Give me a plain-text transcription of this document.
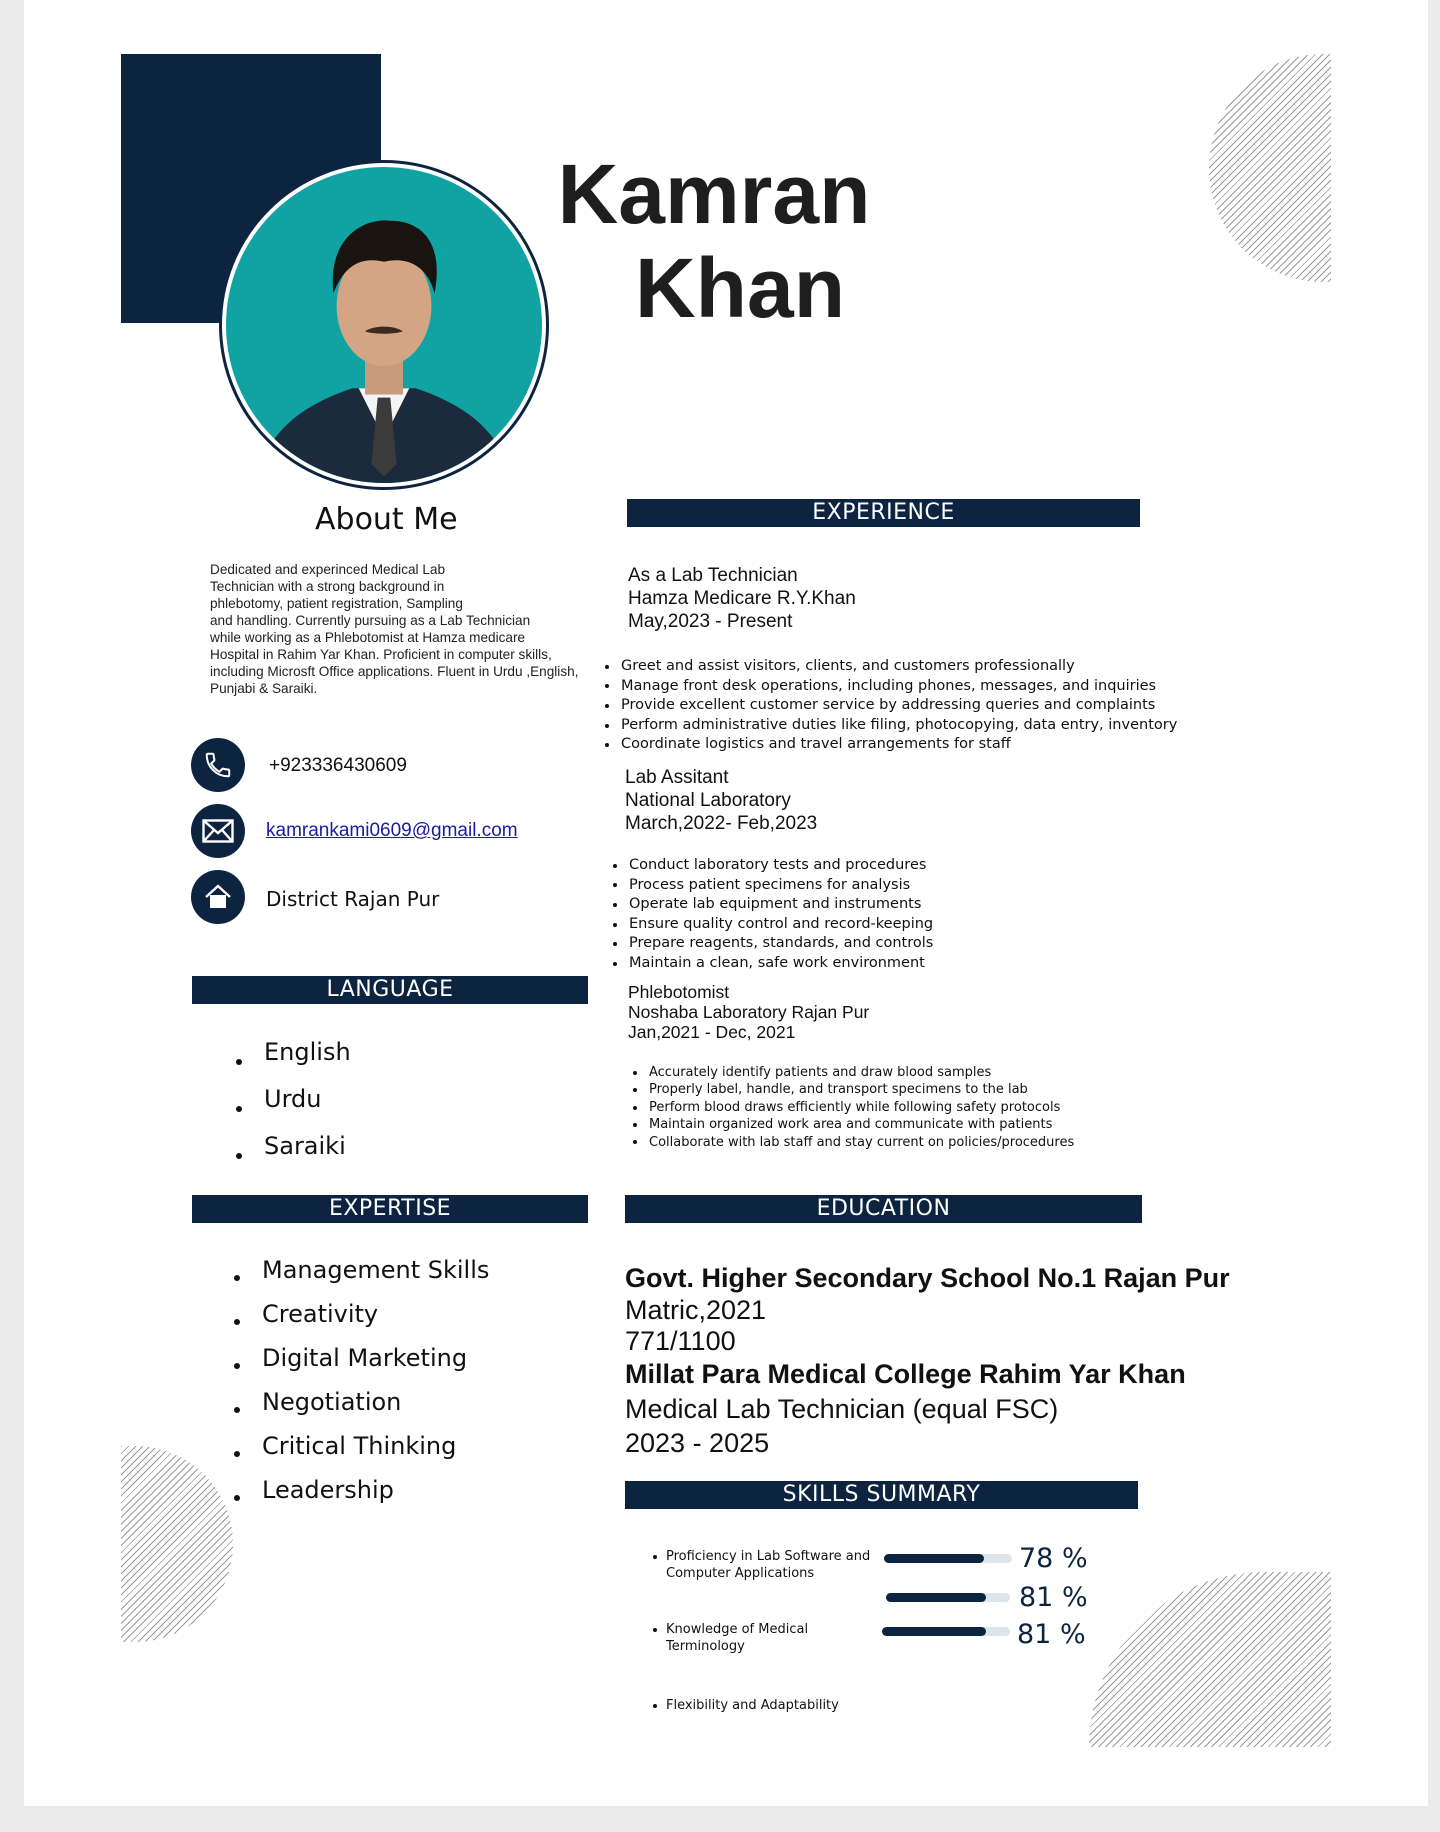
Kamran
Khan
About Me
Dedicated and experinced Medical Lab
Technician with a strong background in
phlebotomy, patient registration, Sampling
and handling. Currently pursuing as a Lab Technician
while working as a Phlebotomist at Hamza medicare
Hospital in Rahim Yar Khan. Proficient in computer skills,
including Microsft Office applications. Fluent in Urdu ,English,
Punjabi & Saraiki.
+923336430609
kamrankami0609@gmail.com
District Rajan Pur
LANGUAGE
English
Urdu
Saraiki
EXPERTISE
Management Skills
Creativity
Digital Marketing
Negotiation
Critical Thinking
Leadership
EXPERIENCE
As a Lab Technician
Hamza Medicare R.Y.Khan
May,2023 - Present
Greet and assist visitors, clients, and customers professionally
Manage front desk operations, including phones, messages, and inquiries
Provide excellent customer service by addressing queries and complaints
Perform administrative duties like filing, photocopying, data entry, inventory
Coordinate logistics and travel arrangements for staff
Lab Assitant
National Laboratory
March,2022- Feb,2023
Conduct laboratory tests and procedures
Process patient specimens for analysis
Operate lab equipment and instruments
Ensure quality control and record-keeping
Prepare reagents, standards, and controls
Maintain a clean, safe work environment
Phlebotomist
Noshaba Laboratory Rajan Pur
Jan,2021 - Dec, 2021
Accurately identify patients and draw blood samples
Properly label, handle, and transport specimens to the lab
Perform blood draws efficiently while following safety protocols
Maintain organized work area and communicate with patients
Collaborate with lab staff and stay current on policies/procedures
EDUCATION
Govt. Higher Secondary School No.1 Rajan Pur
Matric,2021
771/1100
Millat Para Medical College Rahim Yar Khan
Medical Lab Technician (equal FSC)
2023 - 2025
SKILLS SUMMARY
Proficiency in Lab Software and
Computer Applications	78 %
Knowledge of Medical
Terminology
81 %
Flexibility and Adaptability
81 %
